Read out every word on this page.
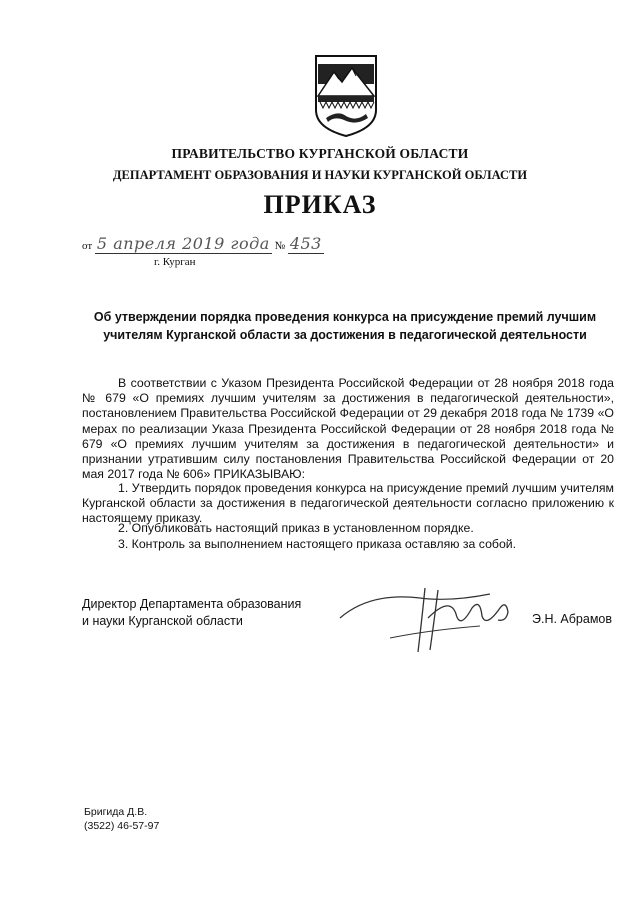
ПРАВИТЕЛЬСТВО КУРГАНСКОЙ ОБЛАСТИ
ДЕПАРТАМЕНТ ОБРАЗОВАНИЯ И НАУКИ КУРГАНСКОЙ ОБЛАСТИ
ПРИКАЗ
от 5 апреля 2019 года № 453
г. Курган
Об утверждении порядка проведения конкурса на присуждение премий лучшим учителям Курганской области за достижения в педагогической деятельности
В соответствии с Указом Президента Российской Федерации от 28 ноября 2018 года № 679 «О премиях лучшим учителям за достижения в педагогической деятельности», постановлением Правительства Российской Федерации от 29 декабря 2018 года № 1739 «О мерах по реализации Указа Президента Российской Федерации от 28 ноября 2018 года № 679 «О премиях лучшим учителям за достижения в педагогической деятельности» и признании утратившим силу постановления Правительства Российской Федерации от 20 мая 2017 года № 606» ПРИКАЗЫВАЮ:
1. Утвердить порядок проведения конкурса на присуждение премий лучшим учителям Курганской области за достижения в педагогической деятельности согласно приложению к настоящему приказу.
2. Опубликовать настоящий приказ в установленном порядке.
3. Контроль за выполнением настоящего приказа оставляю за собой.
Директор Департамента образования
и науки Курганской области	Э.Н. Абрамов
Бригида Д.В.
(3522) 46-57-97
